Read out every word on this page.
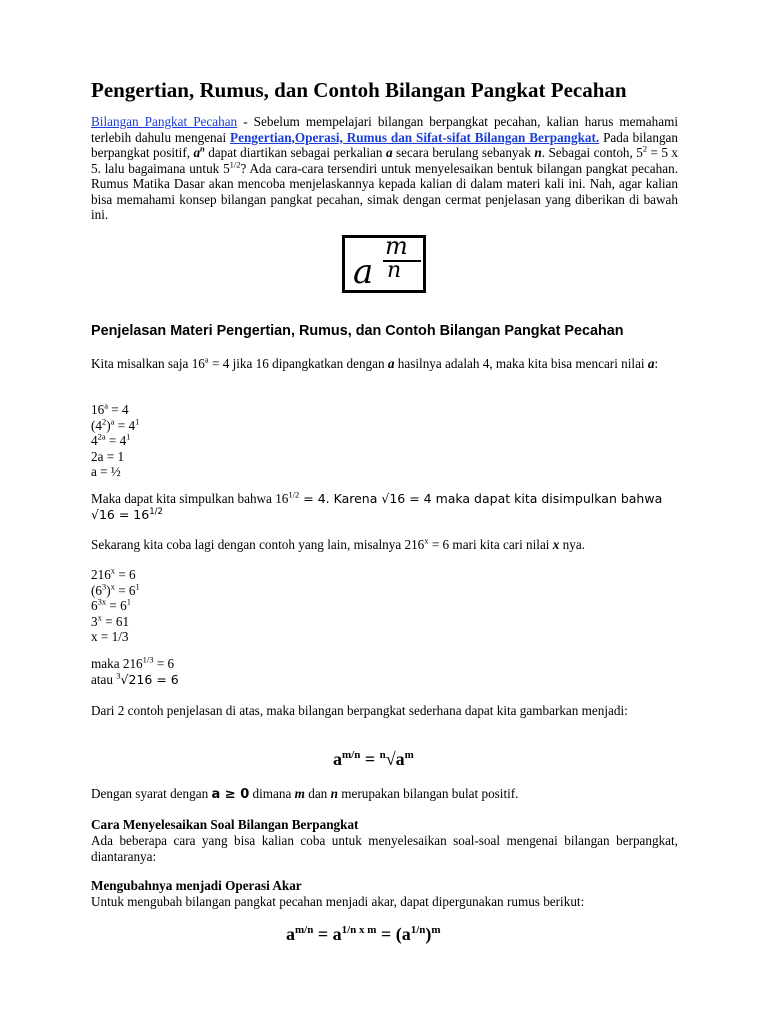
Pengertian, Rumus, dan Contoh Bilangan Pangkat Pecahan

Bilangan Pangkat Pecahan - Sebelum mempelajari bilangan berpangkat pecahan, kalian harus memahami terlebih dahulu mengenai Pengertian,Operasi, Rumus dan Sifat-sifat Bilangan Berpangkat. Pada bilangan berpangkat positif, $a^n$ dapat diartikan sebagai perkalian a secara berulang sebanyak n. Sebagai contoh, $5^2 = 5$ x 5. lalu bagaimana untuk $5^{1/2}$? Ada cara-cara tersendiri untuk menyelesaikan bentuk bilangan pangkat pecahan. Rumus Matika Dasar akan mencoba menjelaskannya kepada kalian di dalam materi kali ini. Nah, agar kalian bisa memahami konsep bilangan pangkat pecahan, simak dengan cermat penjelasan yang diberikan di bawah ini.

a
m
n
Penjelasan Materi Pengertian, Rumus, dan Contoh Bilangan Pangkat Pecahan

Kita misalkan saja $16^a = 4$ jika 16 dipangkatkan dengan a hasilnya adalah 4, maka kita bisa mencari nilai a:

$16^a = 4$
$(4^2)^a = 4^1$
$4^{2a} = 4^1$
2a = 1
a = ½
Maka dapat kita simpulkan bahwa $16^{1/2} = 4$. Karena √16 = 4 maka dapat kita disimpulkan bahwa
$√16 = 16^{1/2}$

Sekarang kita coba lagi dengan contoh yang lain, misalnya $216^x = 6$ mari kita cari nilai x nya.

$216^x = 6$
$(6^3)^x = 6^1$
$6^{3x} = 6^1$
$3^x = 61$
x = 1/3
maka $216^{1/3} = 6$
atau $^3$√216 = 6

Dari 2 contoh penjelasan di atas, maka bilangan berpangkat sederhana dapat kita gambarkan menjadi:

$a^{m/n} = ^n√a^m$

Dengan syarat dengan a ≥ 0 dimana m dan n merupakan bilangan bulat positif.

Cara Menyelesaikan Soal Bilangan Berpangkat

Ada beberapa cara yang bisa kalian coba untuk menyelesaikan soal-soal mengenai bilangan berpangkat, diantaranya:

Mengubahnya menjadi Operasi Akar

Untuk mengubah bilangan pangkat pecahan menjadi akar, dapat dipergunakan rumus berikut:

$a^{m/n} = a^{1/n x m} = (a^{1/n})^m$
